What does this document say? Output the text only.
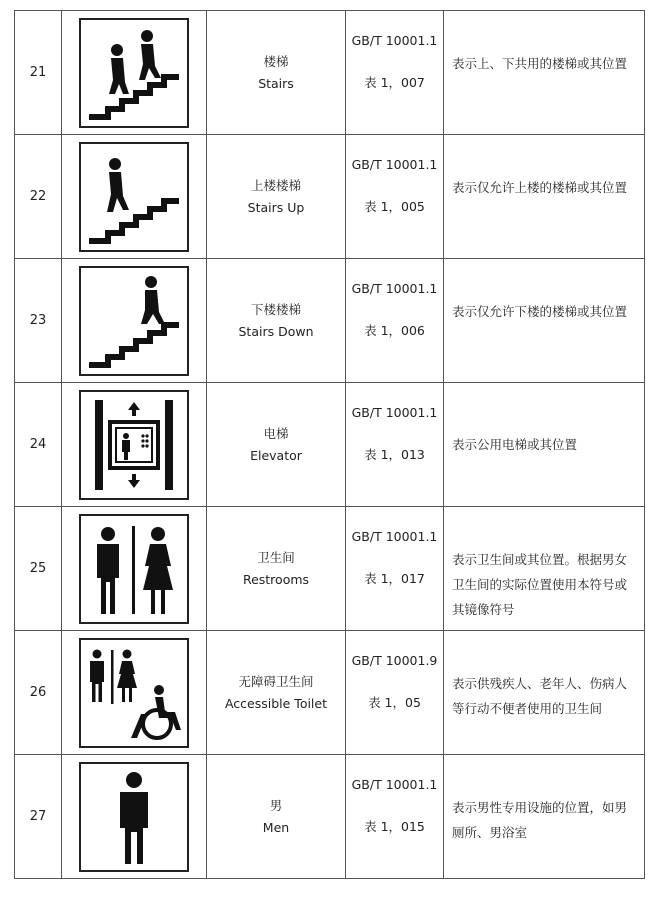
21
楼梯
Stairs
GB/T 10001.1
表 1，007
表示上、下共用的楼梯或其位置
22
上楼楼梯
Stairs Up
GB/T 10001.1
表 1，005
表示仅允许上楼的楼梯或其位置
23
下楼楼梯
Stairs Down
GB/T 10001.1
表 1，006
表示仅允许下楼的楼梯或其位置
24
电梯
Elevator
GB/T 10001.1
表 1，013
表示公用电梯或其位置
25
卫生间
Restrooms
GB/T 10001.1
表 1，017
表示卫生间或其位置。根据男女卫生间的实际位置使用本符号或其镜像符号
26
无障碍卫生间
Accessible Toilet
GB/T 10001.9
表 1，05
表示供残疾人、老年人、伤病人等行动不便者使用的卫生间
27
男
Men
GB/T 10001.1
表 1，015
表示男性专用设施的位置，如男厕所、男浴室
